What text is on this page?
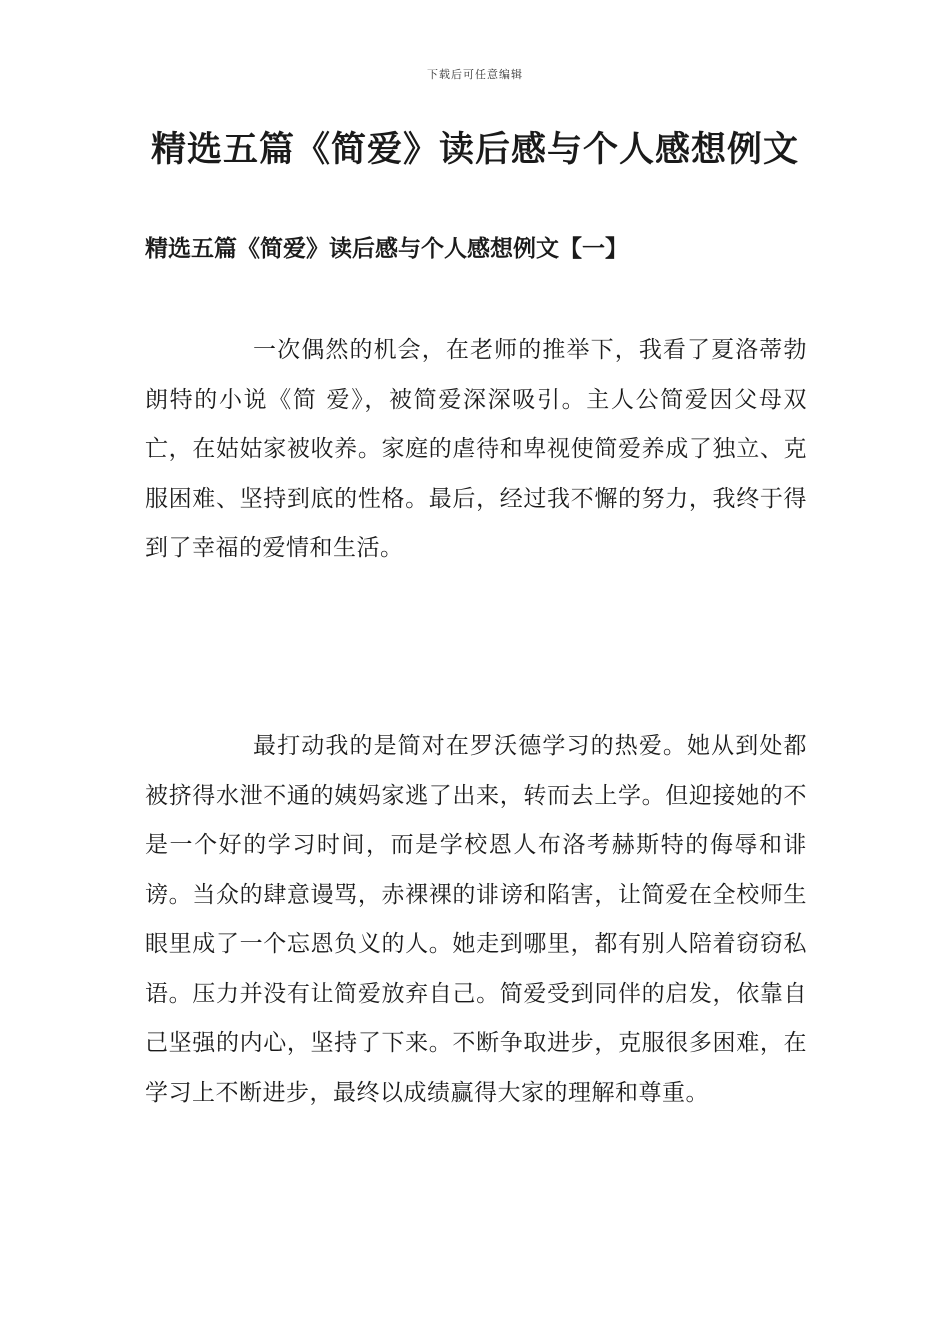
下载后可任意编辑
精选五篇《简爱》读后感与个人感想例文
精选五篇《简爱》读后感与个人感想例文【一】

一次偶然的机会，在老师的推举下，我看了夏洛蒂勃朗特的小说《简 爱》，被简爱深深吸引。主人公简爱因父母双亡，在姑姑家被收养。家庭的虐待和卑视使简爱养成了独立、克服困难、坚持到底的性格。最后，经过我不懈的努力，我终于得到了幸福的爱情和生活。

最打动我的是简对在罗沃德学习的热爱。她从到处都被挤得水泄不通的姨妈家逃了出来，转而去上学。但迎接她的不是一个好的学习时间，而是学校恩人布洛考赫斯特的侮辱和诽谤。当众的肆意谩骂，赤裸裸的诽谤和陷害，让简爱在全校师生眼里成了一个忘恩负义的人。她走到哪里，都有别人陪着窃窃私语。压力并没有让简爱放弃自己。简爱受到同伴的启发，依靠自己坚强的内心，坚持了下来。不断争取进步，克服很多困难，在学习上不断进步，最终以成绩赢得大家的理解和尊重。
